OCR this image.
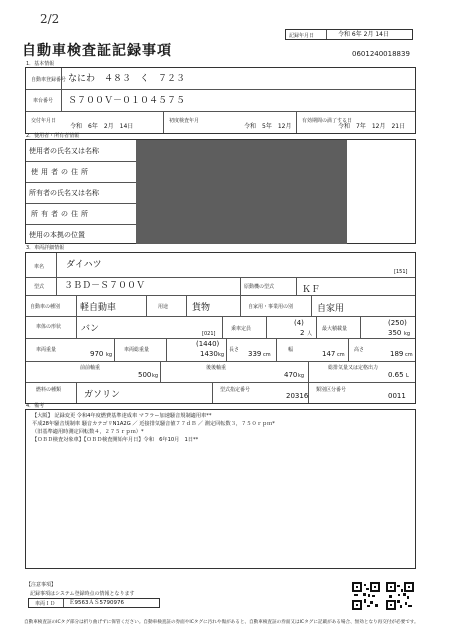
2/2
記録年月日	令和 6年 2月 14日
自動車検査証記録事項	0601240018839
1．基本情報
自動車登録番号 なにわ　４８３　く　７２３
車台番号 Ｓ７００Ｖ－０１０４５７５
交付年月日
令和　6年　2月　14日
初度検査年月
令和　5年　12月
有効期間の満了する日
令和　7年　12月　21日
2．使用者・所有者情報
使用者の氏名又は名称
使用者の住所
所有者の氏名又は名称
所有者の住所
使用の本拠の位置
3．車両詳細情報
車名 ダイハツ
[151]
型式 ３ＢＤ－Ｓ７００Ｖ	原動機の型式	ＫＦ
自動車の種別 軽自動車	用途	貨物	自家用・事業用の別	自家用
車体の形状 バン	[021]
乗車定員
(4)
2 人
最大積載量
(250)
350 kg
車両重量	970 kg
車両総重量
(1440)
1430 kg
長さ 339 cm
幅	147 cm
高さ	189 cm
前前軸重
500 kg
後後軸重
470 kg
総排気量又は定格出力
0.65 L
燃料の種類	ガソリン	型式指定番号
20316
類別区分番号
0011
4．備考
【大阪】 記録変更 令和4年度燃費基準達成車 マフラー加速騒音規制適用車**
平成28年騒音規制車 騒音カテゴリN1A2G ／ 近接排気騒音値７７ｄＢ ／ 測定回転数３，７５０ｒｐｍ*
（旧基準適用時測定回転数４，２７５ｒｐｍ）*
【ＯＢＤ検査対象車】【ＯＢＤ検査開始年月日】令和　6年10月　1日**
【注意事項】
記録事項はシステム登録時点の情報となります
車両ＩＤ	Ｅ9563ＡＳ5790976
自動車検査証のICタグ部分は折り曲げずに保管ください。自動車検査証の券面やICタグに汚れや傷があると、自動車検査証の券面又はICタグに記載がある場合、無効となり再交付が必要です。
